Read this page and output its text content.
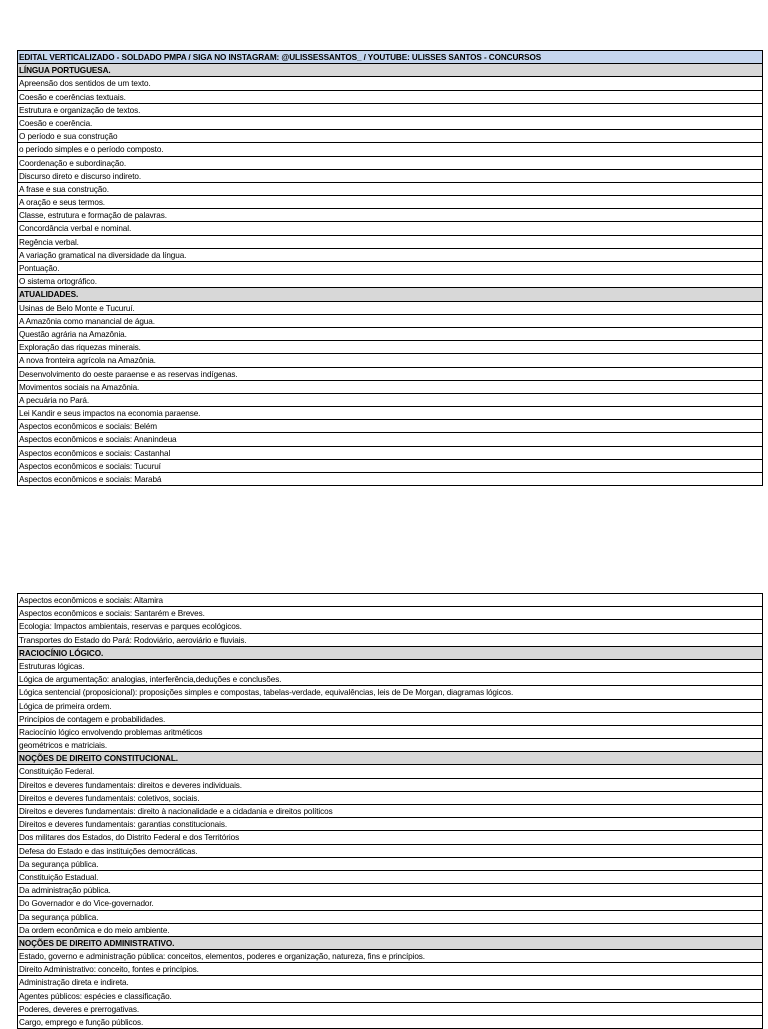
EDITAL VERTICALIZADO - SOLDADO PMPA / SIGA NO INSTAGRAM: @ULISSESSANTOS_ / YOUTUBE: ULISSES SANTOS - CONCURSOS
LÍNGUA PORTUGUESA.
Apreensão dos sentidos de um texto.
Coesão e coerências textuais.
Estrutura e organização de textos.
Coesão e coerência.
O período e sua construção
o período simples e o período composto.
Coordenação e subordinação.
Discurso direto e discurso indireto.
A frase e sua construção.
A oração e seus termos.
Classe, estrutura e formação de palavras.
Concordância verbal e nominal.
Regência verbal.
A variação gramatical na diversidade da língua.
Pontuação.
O sistema ortográfico.
ATUALIDADES.
Usinas de Belo Monte e Tucuruí.
A Amazônia como manancial de água.
Questão agrária na Amazônia.
Exploração das riquezas minerais.
A nova fronteira agrícola na Amazônia.
Desenvolvimento do oeste paraense e as reservas indígenas.
Movimentos sociais na Amazônia.
A pecuária no Pará.
Lei Kandir e seus impactos na economia paraense.
Aspectos econômicos e sociais: Belém
Aspectos econômicos e sociais: Ananindeua
Aspectos econômicos e sociais: Castanhal
Aspectos econômicos e sociais: Tucuruí
Aspectos econômicos e sociais: Marabá
Aspectos econômicos e sociais: Altamira
Aspectos econômicos e sociais: Santarém e Breves.
Ecologia: Impactos ambientais, reservas e parques ecológicos.
Transportes do Estado do Pará: Rodoviário, aeroviário e fluviais.
RACIOCÍNIO LÓGICO.
Estruturas lógicas.
Lógica de argumentação: analogias, interferência,deduções e conclusões.
Lógica sentencial (proposicional): proposições simples e compostas, tabelas-verdade, equivalências, leis de De Morgan, diagramas lógicos.
Lógica de primeira ordem.
Princípios de contagem e probabilidades.
Raciocínio lógico envolvendo problemas aritméticos
geométricos e matriciais.
NOÇÕES DE DIREITO CONSTITUCIONAL.
Constituição Federal.
Direitos e deveres fundamentais: direitos e deveres individuais.
Direitos e deveres fundamentais: coletivos, sociais.
Direitos e deveres fundamentais: direito à nacionalidade e a cidadania e direitos políticos
Direitos e deveres fundamentais: garantias constitucionais.
Dos militares dos Estados, do Distrito Federal e dos Territórios
Defesa do Estado e das instituições democráticas.
Da segurança pública.
Constituição Estadual.
Da administração pública.
Do Governador e do Vice-governador.
Da segurança pública.
Da ordem econômica e do meio ambiente.
NOÇÕES DE DIREITO ADMINISTRATIVO.
Estado, governo e administração pública: conceitos, elementos, poderes e organização, natureza, fins e princípios.
Direito Administrativo: conceito, fontes e princípios.
Administração direta e indireta.
Agentes públicos: espécies e classificação.
Poderes, deveres e prerrogativas.
Cargo, emprego e função públicos.
